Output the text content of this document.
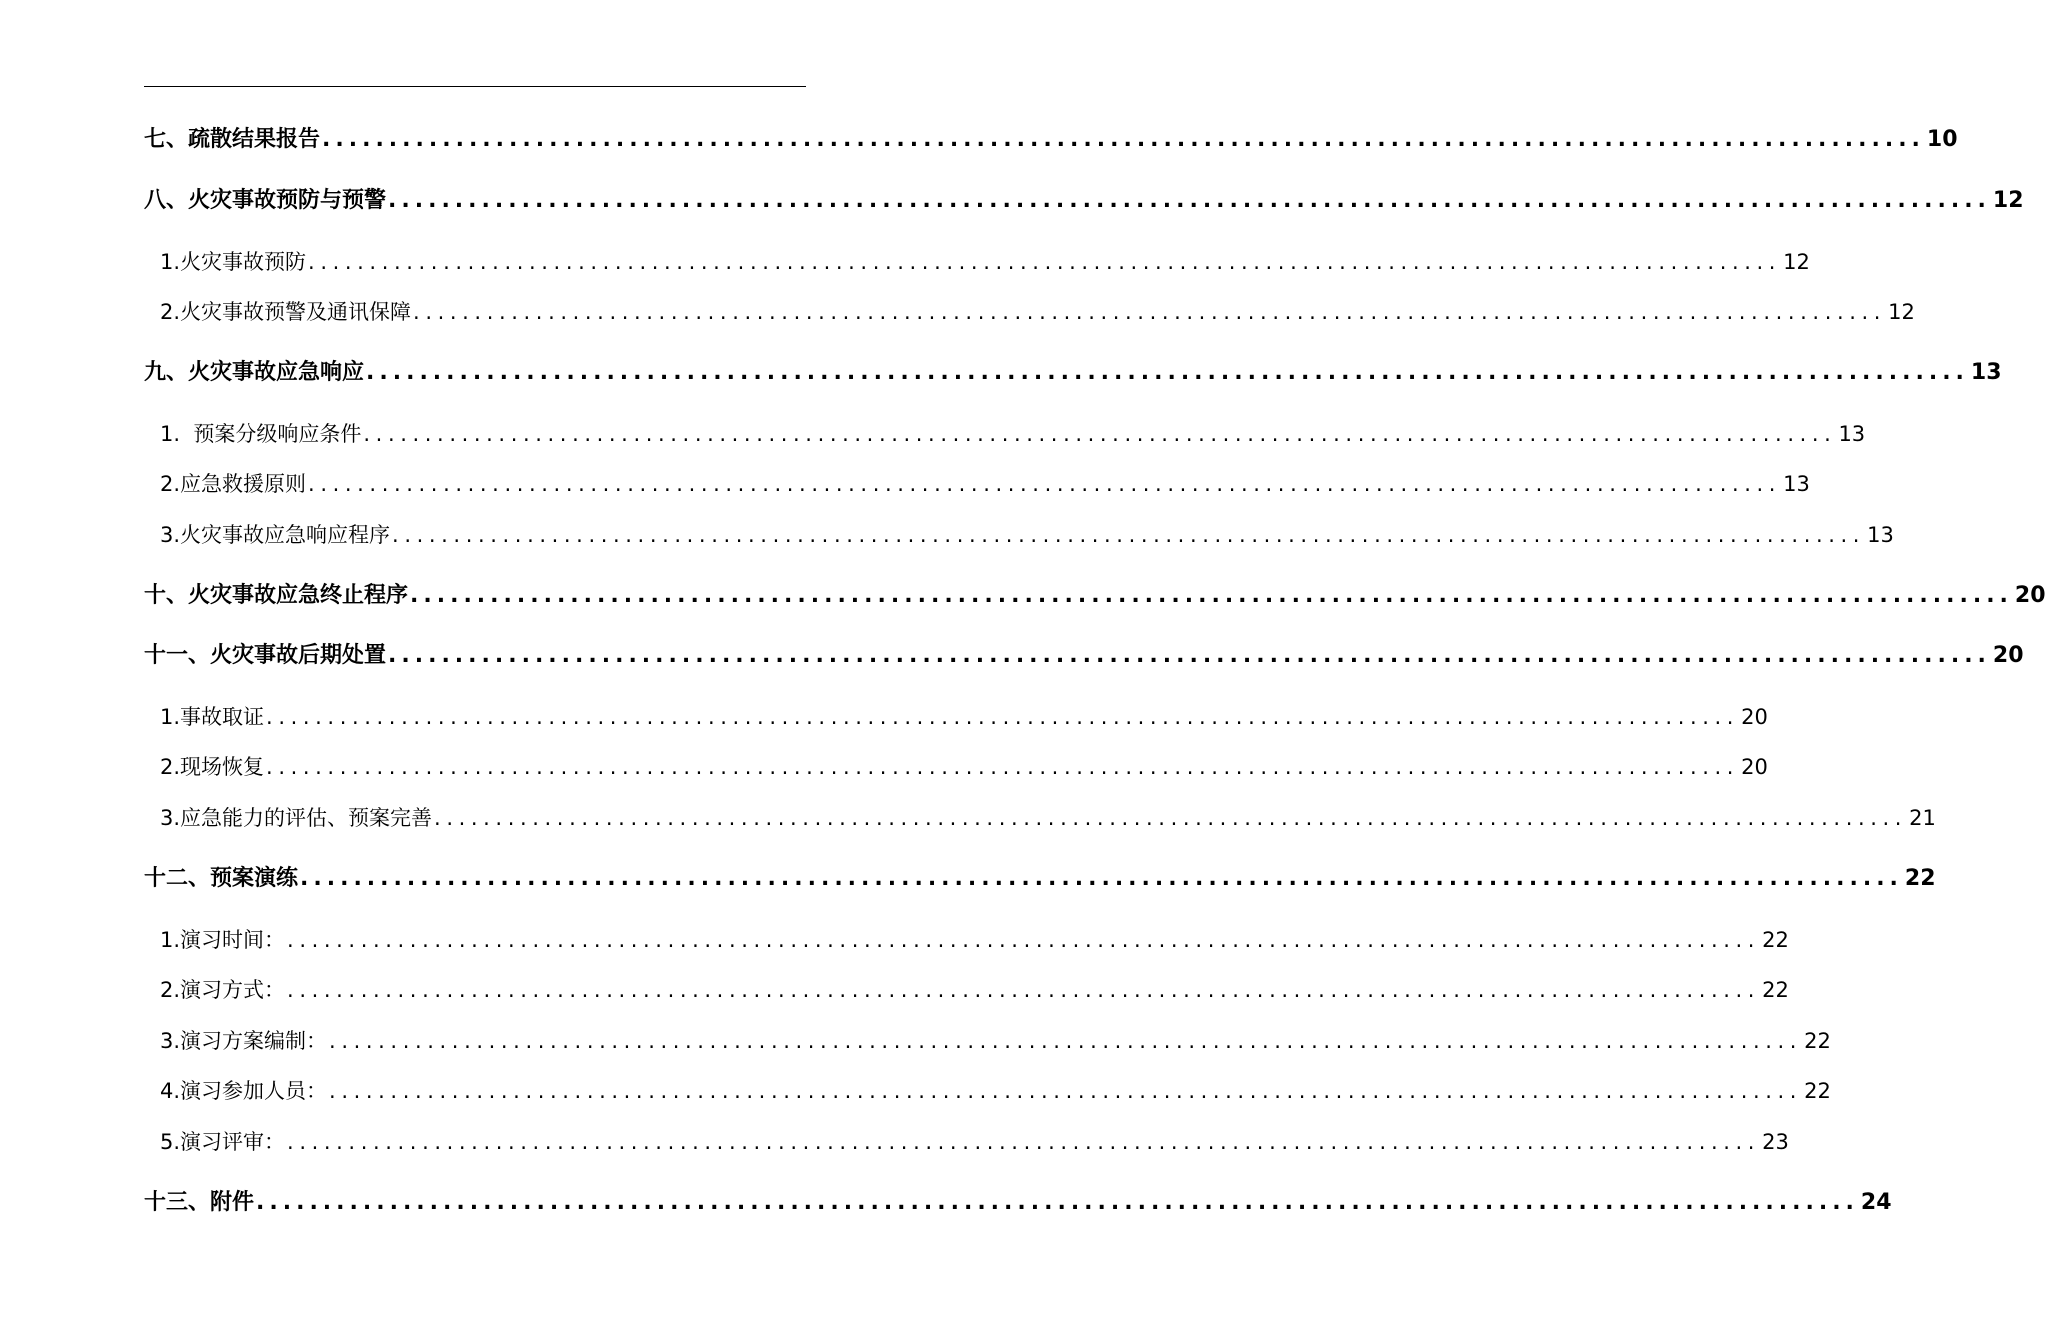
七、疏散结果报告 ........................................................................................................................ 10
八、火灾事故预防与预警 ........................................................................................................................ 12
1.火灾事故预防 ........................................................................................................................ 12
2.火灾事故预警及通讯保障 ........................................................................................................................ 12
九、火灾事故应急响应 ........................................................................................................................ 13
1.  预案分级响应条件 ........................................................................................................................ 13
2.应急救援原则 ........................................................................................................................ 13
3.火灾事故应急响应程序 ........................................................................................................................ 13
十、火灾事故应急终止程序 ........................................................................................................................ 20
十一、火灾事故后期处置 ........................................................................................................................ 20
1.事故取证 ........................................................................................................................ 20
2.现场恢复 ........................................................................................................................ 20
3.应急能力的评估、预案完善 ........................................................................................................................ 21
十二、预案演练 ........................................................................................................................ 22
1.演习时间： ........................................................................................................................ 22
2.演习方式： ........................................................................................................................ 22
3.演习方案编制： ........................................................................................................................ 22
4.演习参加人员： ........................................................................................................................ 22
5.演习评审： ........................................................................................................................ 23
十三、附件 ........................................................................................................................ 24
